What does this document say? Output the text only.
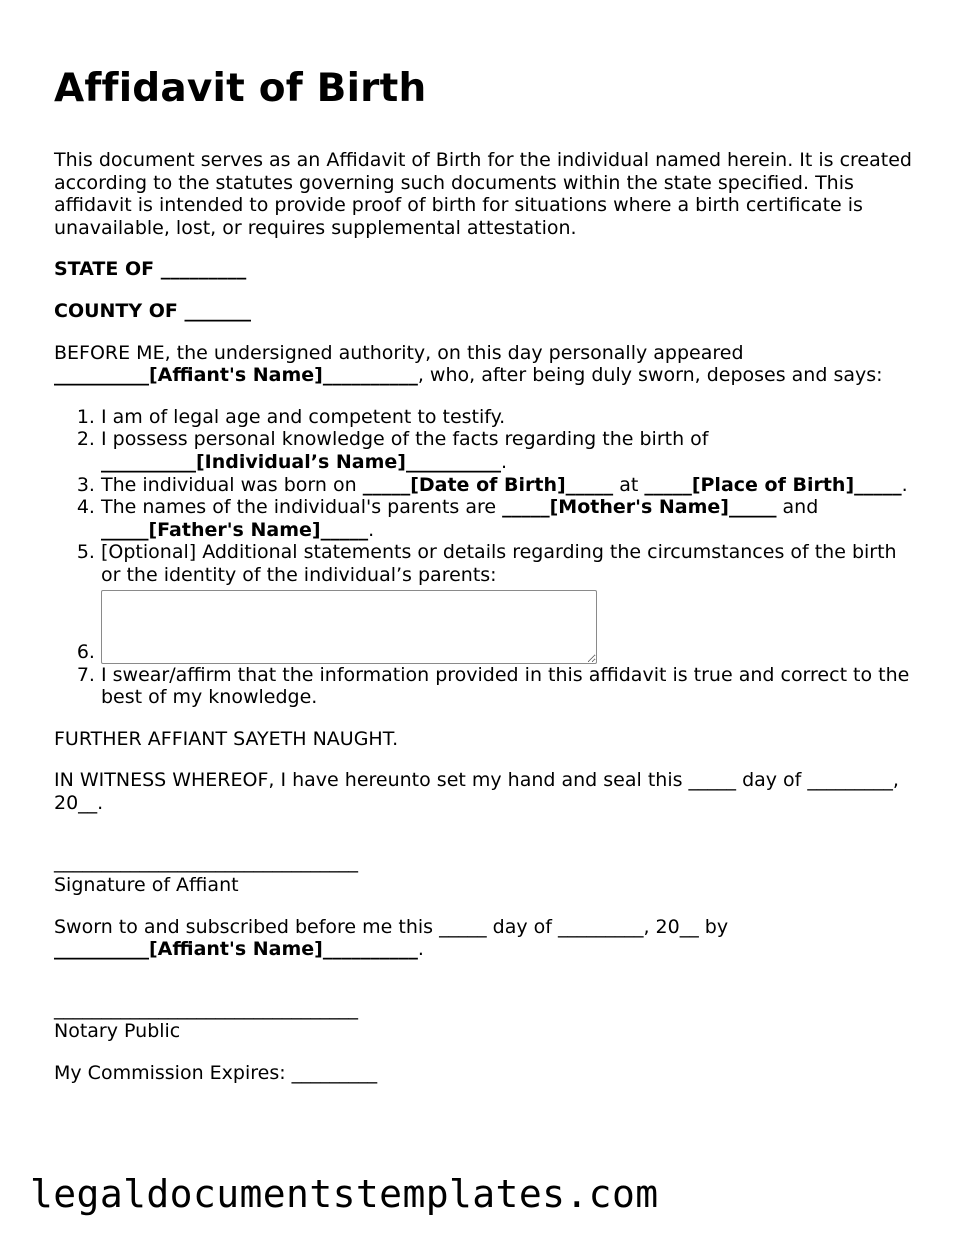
Affidavit of Birth

This document serves as an Affidavit of Birth for the individual named herein. It is created according to the statutes governing such documents within the state specified. This affidavit is intended to provide proof of birth for situations where a birth certificate is unavailable, lost, or requires supplemental attestation.

STATE OF _________

COUNTY OF _______

BEFORE ME, the undersigned authority, on this day personally appeared __________[Affiant's Name]__________, who, after being duly sworn, deposes and says:

1. I am of legal age and competent to testify.
2. I possess personal knowledge of the facts regarding the birth of __________[Individual’s Name]__________.
3. The individual was born on _____[Date of Birth]_____ at _____[Place of Birth]_____.
4. The names of the individual's parents are _____[Mother's Name]_____ and _____[Father's Name]_____.
5. [Optional] Additional statements or details regarding the circumstances of the birth or the identity of the individual’s parents:
6.
7. I swear/affirm that the information provided in this affidavit is true and correct to the best of my knowledge.

FURTHER AFFIANT SAYETH NAUGHT.

IN WITNESS WHEREOF, I have hereunto set my hand and seal this _____ day of _________, 20__.

________________________________

Signature of Affiant

Sworn to and subscribed before me this _____ day of _________, 20__ by __________[Affiant's Name]__________.

________________________________

Notary Public

My Commission Expires: _________

legaldocumentstemplates.com
